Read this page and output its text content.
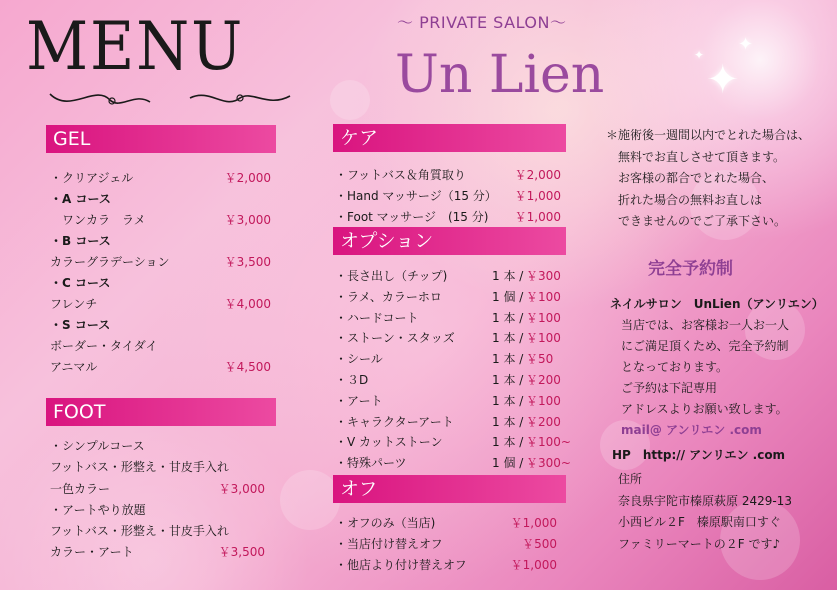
MENU	〜 PRIVATE SALON〜
Un Lien	✦
✦
✦
GEL
・クリアジェル	￥2,000
・A コース
　ワンカラ　ラメ	￥3,000
・B コース
カラーグラデーション	￥3,500
・C コース
フレンチ	￥4,000
・S コース
ボーダー・タイダイ
アニマル	￥4,500
FOOT
・シンプルコース
フットバス・形整え・甘皮手入れ
一色カラー	￥3,000
・アートやり放題
フットバス・形整え・甘皮手入れ
カラー・アート	￥3,500
ケア
・フットバス＆角質取り	￥2,000
・Hand マッサージ（15 分）	￥1,000
・Foot マッサージ　(15 分)	￥1,000
オプション
・長さ出し（チップ)	1 本 / ￥300
・ラメ、カラーホロ	1 個 / ￥100
・ハードコート	1 本 / ￥100
・ストーン・スタッズ	1 本 / ￥100
・シール	1 本 / ￥50
・３D	1 本 / ￥200
・アート	1 本 / ￥100
・キャラクターアート	1 本 / ￥200
・V カットストーン	1 本 / ￥100~
・特殊パーツ	1 個 / ￥300~
オフ
・オフのみ（当店)	￥1,000
・当店付け替えオフ	￥500
・他店より付け替えオフ	￥1,000
＊施術後一週間以内でとれた場合は、
　無料でお直しさせて頂きます。
　お客様の都合でとれた場合、
　折れた場合の無料お直しは
　できませんのでご了承下さい。
完全予約制
ネイルサロン　UnLien（アンリエン）
当店では、お客様お一人お一人
にご満足頂くため、完全予約制
となっております。
ご予約は下記専用
アドレスよりお願い致します。
mail@ アンリエン .com
HP　http:// アンリエン .com
住所
奈良県宇陀市榛原萩原 2429-13
小西ビル２F　榛原駅南口すぐ
ファミリーマートの２F です♪
